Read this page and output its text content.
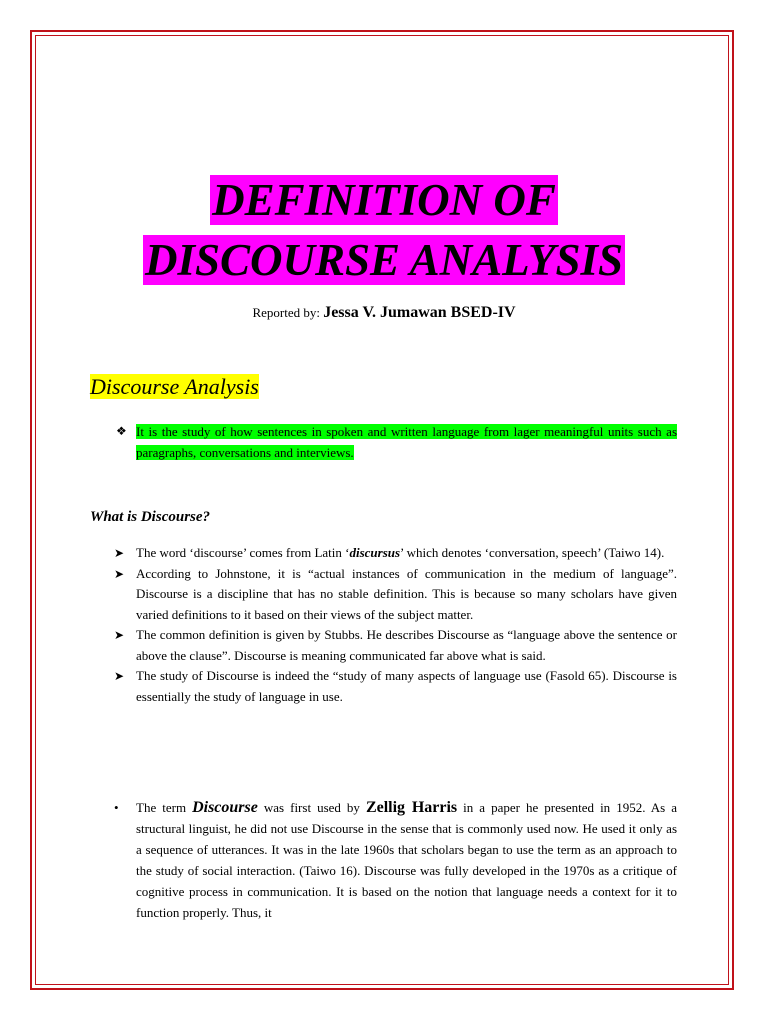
DEFINITION OF
DISCOURSE ANALYSIS
Reported by: Jessa V. Jumawan BSED-IV
Discourse Analysis
❖ It is the study of how sentences in spoken and written language from lager meaningful units such as paragraphs, conversations and interviews.
What is Discourse?
➤ The word ‘discourse’ comes from Latin ‘discursus’ which denotes ‘conversation, speech’ (Taiwo 14).
➤ According to Johnstone, it is “actual instances of communication in the medium of language”. Discourse is a discipline that has no stable definition. This is because so many scholars have given varied definitions to it based on their views of the subject matter.
➤ The common definition is given by Stubbs. He describes Discourse as “language above the sentence or above the clause”. Discourse is meaning communicated far above what is said.
➤ The study of Discourse is indeed the “study of many aspects of language use (Fasold 65). Discourse is essentially the study of language in use.
• The term Discourse was first used by Zellig Harris in a paper he presented in 1952. As a structural linguist, he did not use Discourse in the sense that is commonly used now. He used it only as a sequence of utterances. It was in the late 1960s that scholars began to use the term as an approach to the study of social interaction. (Taiwo 16). Discourse was fully developed in the 1970s as a critique of cognitive process in communication. It is based on the notion that language needs a context for it to function properly. Thus, it
